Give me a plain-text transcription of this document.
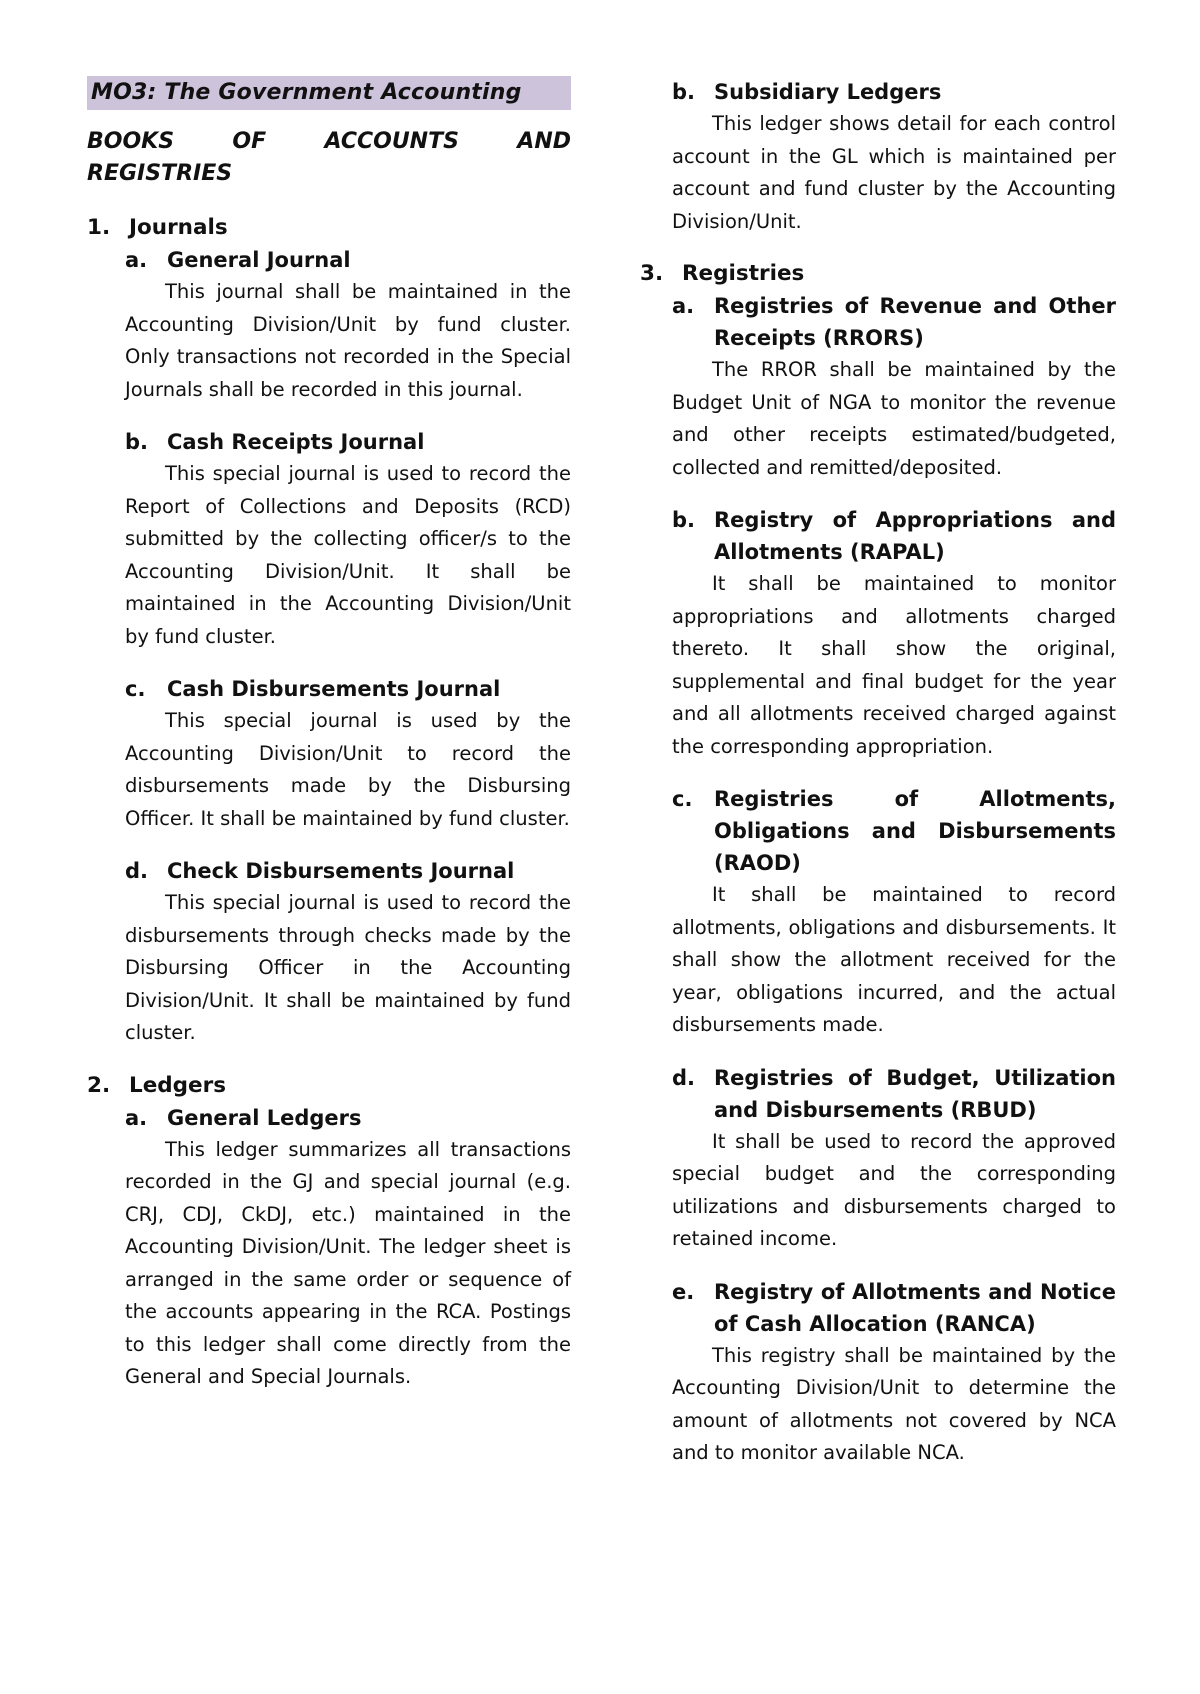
MO3: The Government Accounting
BOOKS OF ACCOUNTS AND REGISTRIES
1. Journals
a. General Journal

This journal shall be maintained in the Accounting Division/Unit by fund cluster. Only transactions not recorded in the Special Journals shall be recorded in this journal.

b. Cash Receipts Journal

This special journal is used to record the Report of Collections and Deposits (RCD) submitted by the collecting officer/s to the Accounting Division/Unit. It shall be maintained in the Accounting Division/Unit by fund cluster.

c.	Cash Disbursements Journal

This special journal is used by the Accounting Division/Unit to record the disbursements made by the Disbursing Officer. It shall be maintained by fund cluster.

d. Check Disbursements Journal

This special journal is used to record the disbursements through checks made by the Disbursing Officer in the Accounting Division/Unit. It shall be maintained by fund cluster.

2. Ledgers
a. General Ledgers

This ledger summarizes all transactions recorded in the GJ and special journal (e.g. CRJ, CDJ, CkDJ, etc.) maintained in the Accounting Division/Unit. The ledger sheet is arranged in the same order or sequence of the accounts appearing in the RCA. Postings to this ledger shall come directly from the General and Special Journals.

b. Subsidiary Ledgers

This ledger shows detail for each control account in the GL which is maintained per account and fund cluster by the Accounting Division/Unit.

3. Registries
a. Registries of Revenue and Other Receipts (RRORS)

The RROR shall be maintained by the Budget Unit of NGA to monitor the revenue and other receipts estimated/budgeted, collected and remitted/deposited.

b. Registry of Appropriations and Allotments (RAPAL)

It shall be maintained to monitor appropriations and allotments charged thereto. It shall show the original, supplemental and final budget for the year and all allotments received charged against the corresponding appropriation.

c.	Registries of Allotments, Obligations and Disbursements (RAOD)

It shall be maintained to record allotments, obligations and disbursements. It shall show the allotment received for the year, obligations incurred, and the actual disbursements made.

d. Registries of Budget, Utilization and Disbursements (RBUD)

It shall be used to record the approved special budget and the corresponding utilizations and disbursements charged to retained income.

e. Registry of Allotments and Notice of Cash Allocation (RANCA)

This registry shall be maintained by the Accounting Division/Unit to determine the amount of allotments not covered by NCA and to monitor available NCA.
